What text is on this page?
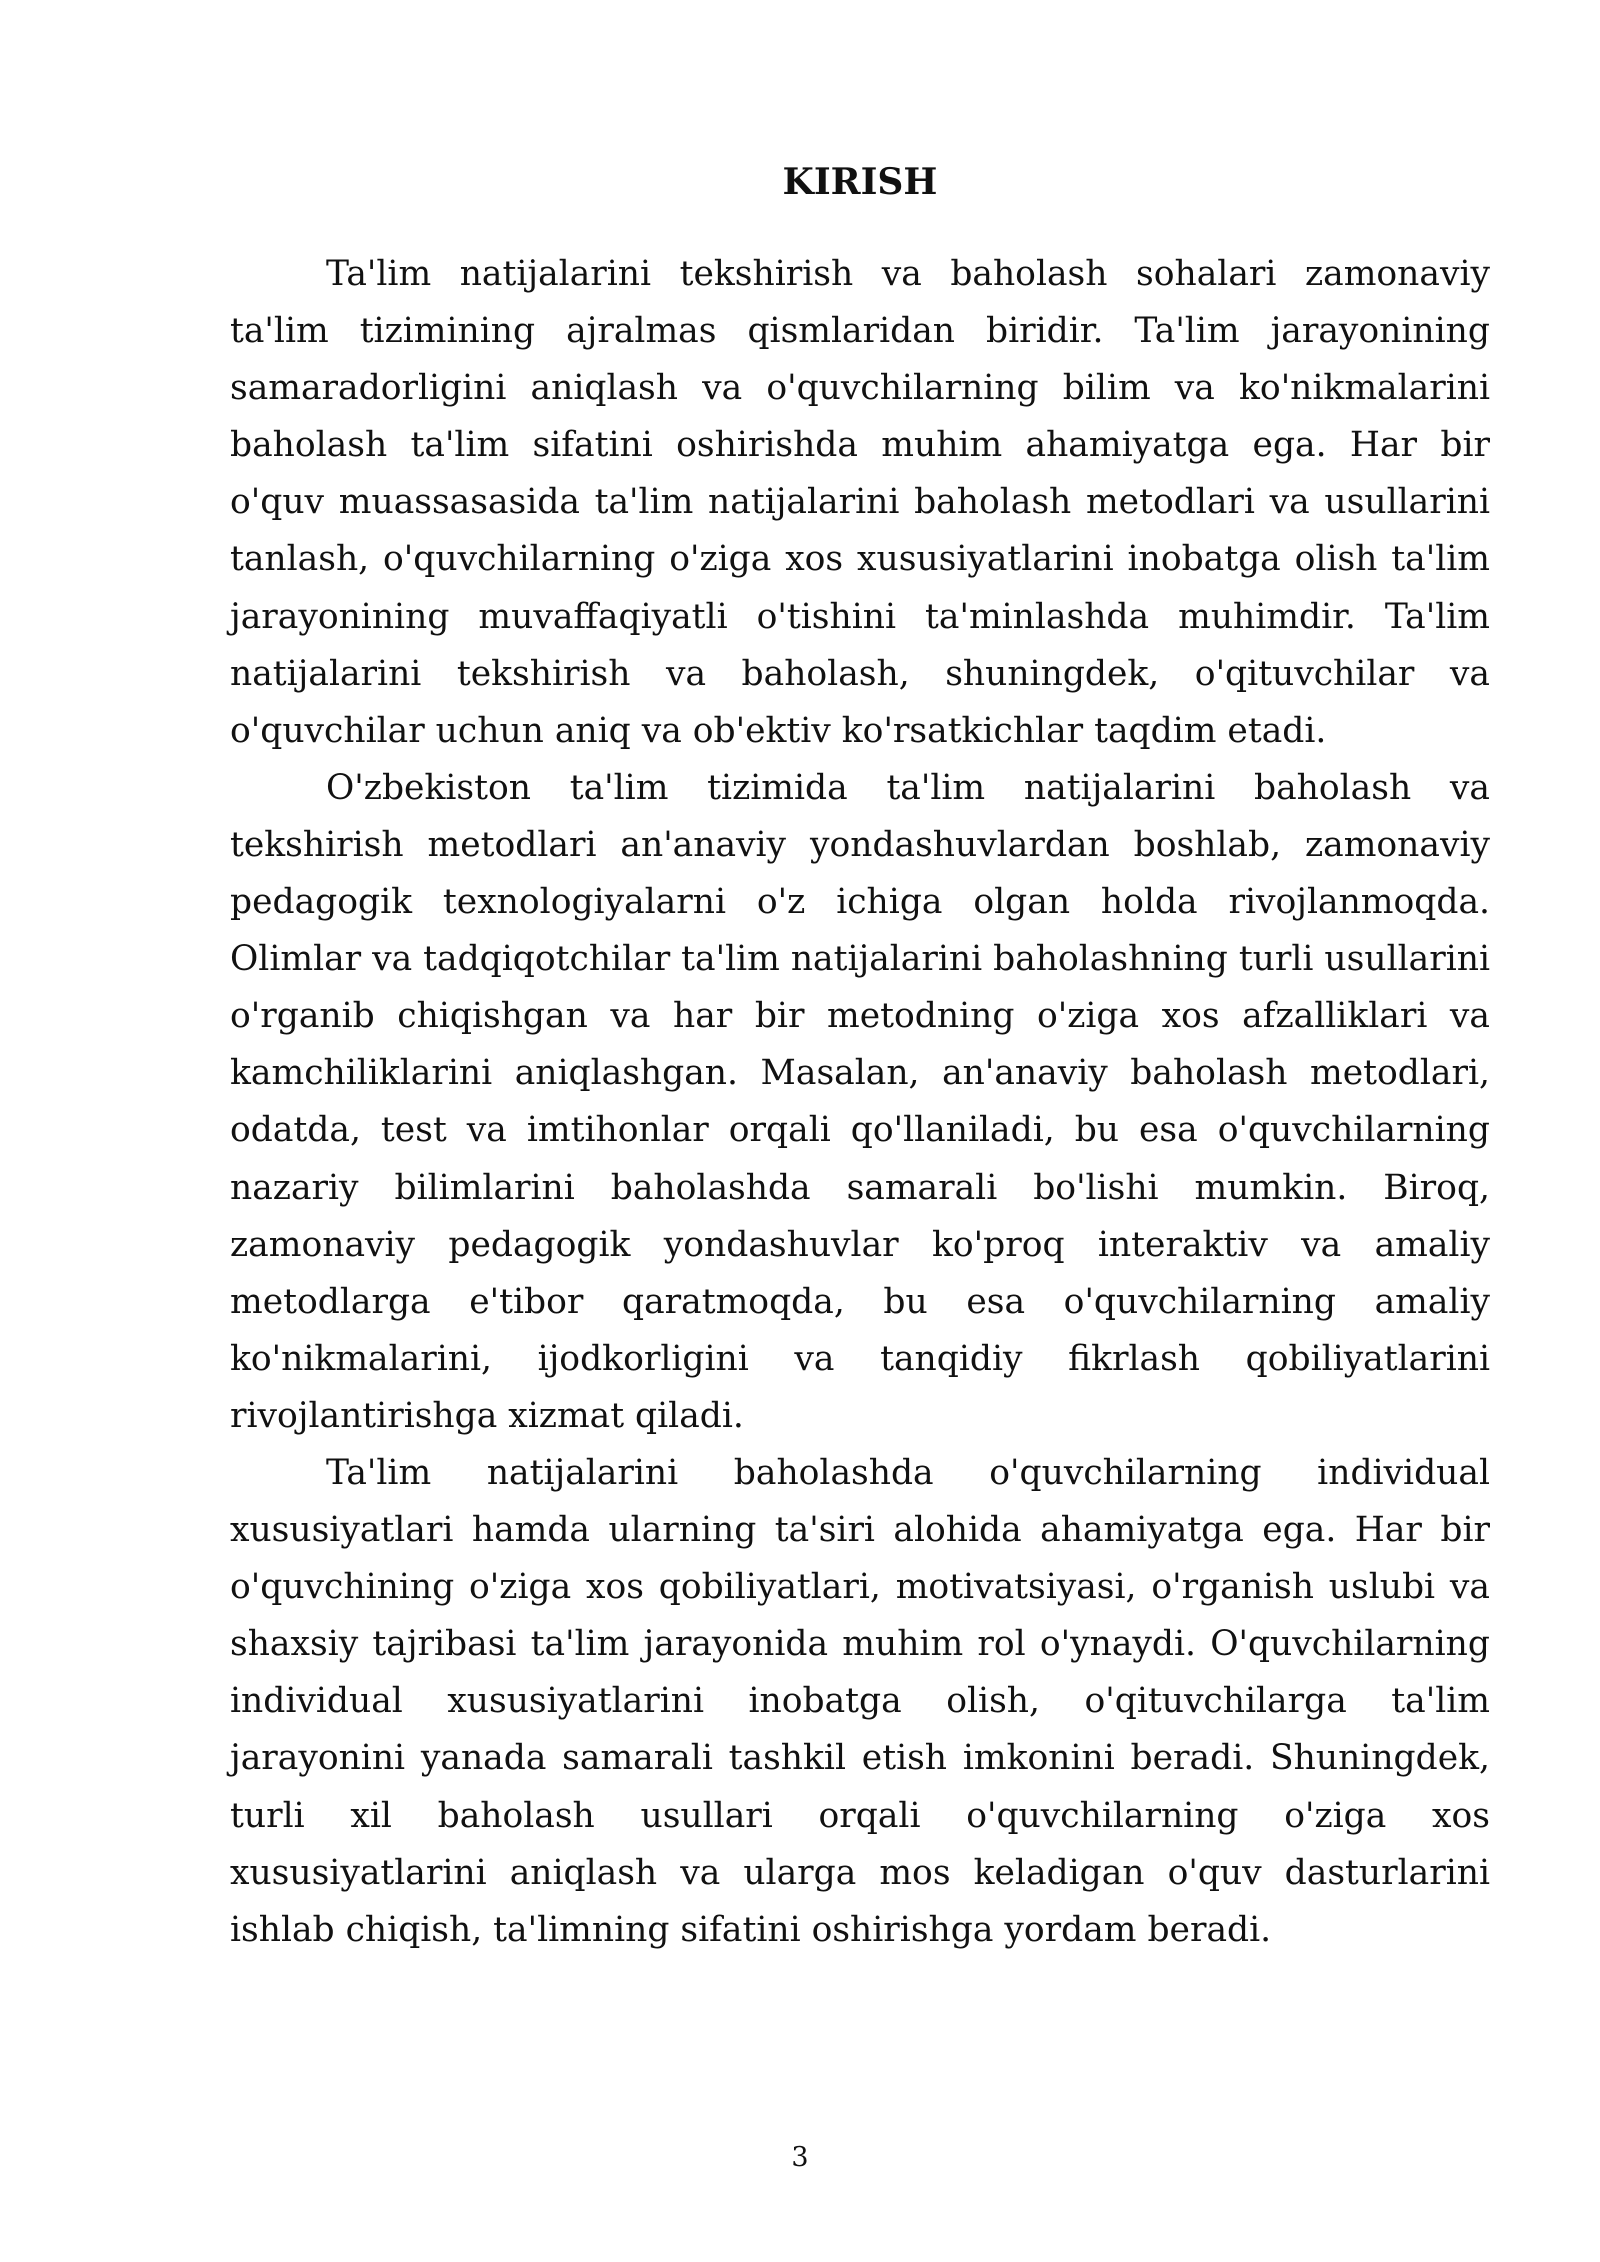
KIRISH

Ta'lim natijalarini tekshirish va baholash sohalari zamonaviy ta'lim tizimining ajralmas qismlaridan biridir. Ta'lim jarayonining samaradorligini aniqlash va o'quvchilarning bilim va ko'nikmalarini baholash ta'lim sifatini oshirishda muhim ahamiyatga ega. Har bir o'quv muassasasida ta'lim natijalarini baholash metodlari va usullarini tanlash, o'quvchilarning o'ziga xos xususiyatlarini inobatga olish ta'lim jarayonining muvaffaqiyatli o'tishini ta'minlashda muhimdir. Ta'lim natijalarini tekshirish va baholash, shuningdek, o'qituvchilar va o'quvchilar uchun aniq va ob'ektiv ko'rsatkichlar taqdim etadi.

O'zbekiston ta'lim tizimida ta'lim natijalarini baholash va tekshirish metodlari an'anaviy yondashuvlardan boshlab, zamonaviy pedagogik texnologiyalarni o'z ichiga olgan holda rivojlanmoqda. Olimlar va tadqiqotchilar ta'lim natijalarini baholashning turli usullarini o'rganib chiqishgan va har bir metodning o'ziga xos afzalliklari va kamchiliklarini aniqlashgan. Masalan, an'anaviy baholash metodlari, odatda, test va imtihonlar orqali qo'llaniladi, bu esa o'quvchilarning nazariy bilimlarini baholashda samarali bo'lishi mumkin. Biroq, zamonaviy pedagogik yondashuvlar ko'proq interaktiv va amaliy metodlarga e'tibor qaratmoqda, bu esa o'quvchilarning amaliy ko'nikmalarini, ijodkorligini va tanqidiy fikrlash qobiliyatlarini rivojlantirishga xizmat qiladi.

Ta'lim natijalarini baholashda o'quvchilarning individual xususiyatlari hamda ularning ta'siri alohida ahamiyatga ega. Har bir o'quvchining o'ziga xos qobiliyatlari, motivatsiyasi, o'rganish uslubi va shaxsiy tajribasi ta'lim jarayonida muhim rol o'ynaydi. O'quvchilarning individual xususiyatlarini inobatga olish, o'qituvchilarga ta'lim jarayonini yanada samarali tashkil etish imkonini beradi. Shuningdek, turli xil baholash usullari orqali o'quvchilarning o'ziga xos xususiyatlarini aniqlash va ularga mos keladigan o'quv dasturlarini ishlab chiqish, ta'limning sifatini oshirishga yordam beradi.

3
